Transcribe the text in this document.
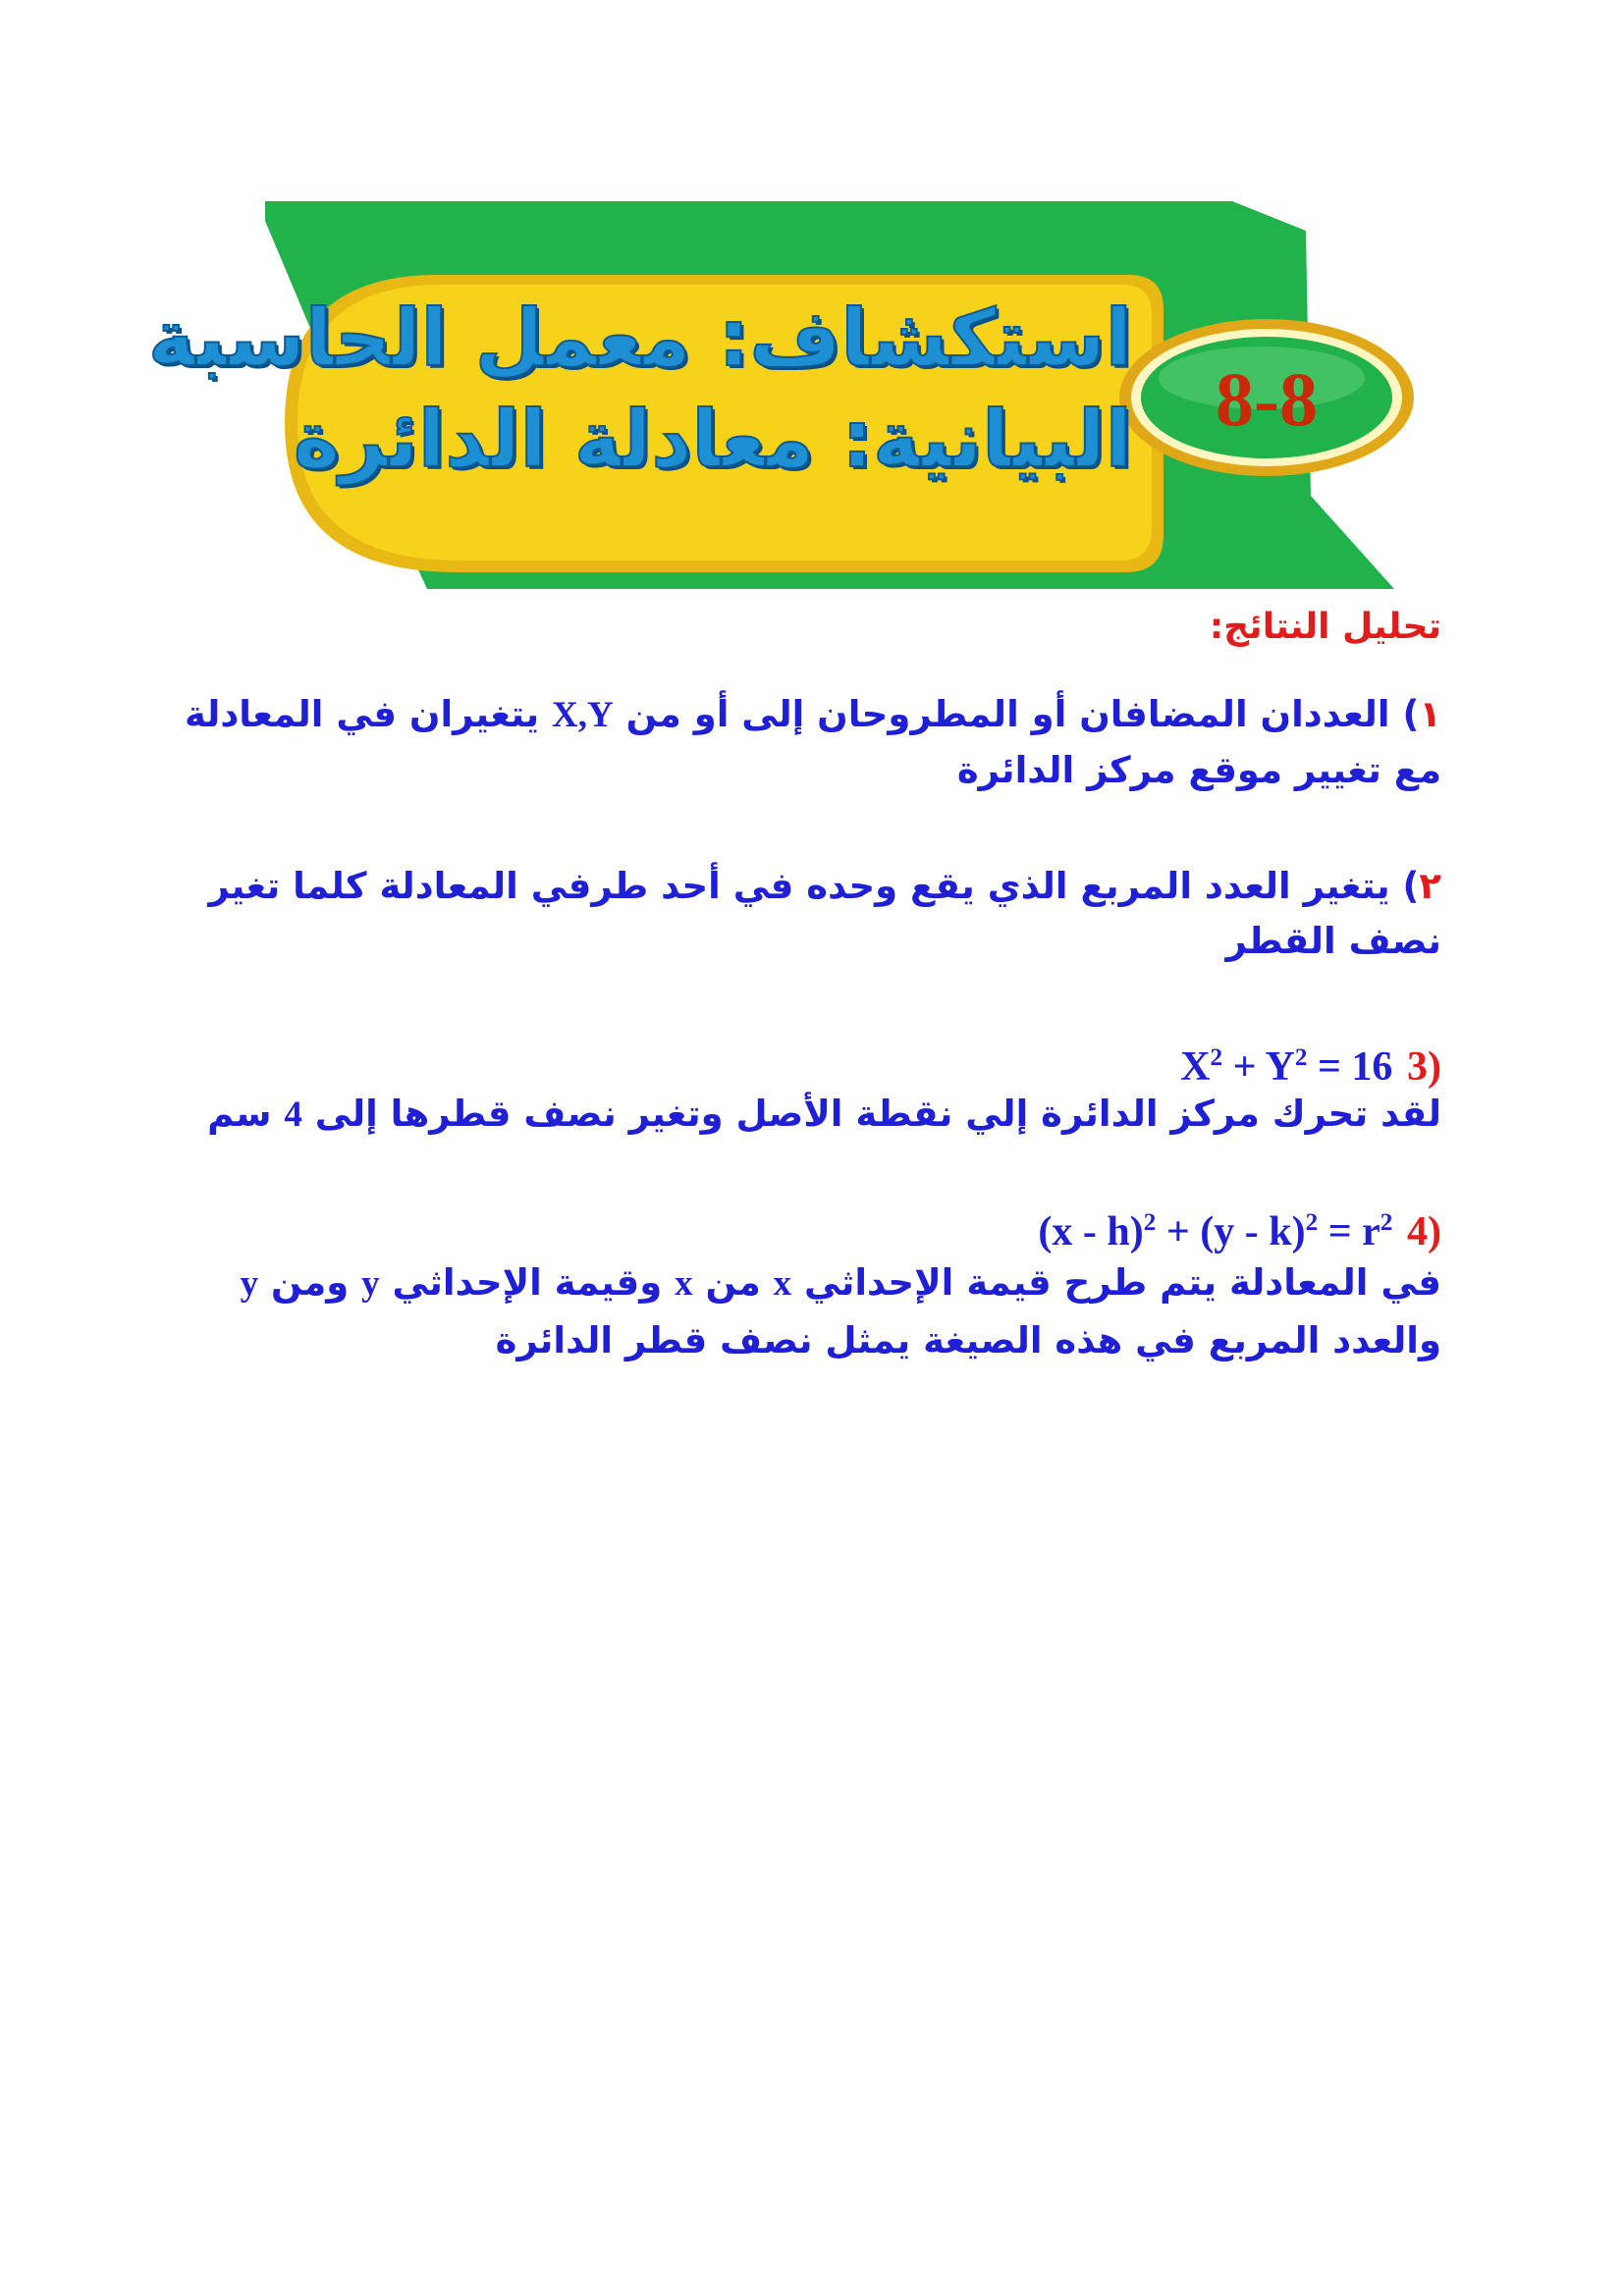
استكشاف: معمل الحاسبة
البيانية: معادلة الدائرة	8-8
تحليل النتائج:
١) العددان المضافان أو المطروحان إلى أو من X,Y يتغيران في المعادلة مع تغيير موقع مركز الدائرة
٢) يتغير العدد المربع الذي يقع وحده في أحد طرفي المعادلة كلما تغير نصف القطر
(3 $X^2 + Y^2 = 16$
لقد تحرك مركز الدائرة إلي نقطة الأصل وتغير نصف قطرها إلى 4 سم
(4 $(x - h)^2 + (y - k)^2 = r^2$
في المعادلة يتم طرح قيمة الإحداثي x من x وقيمة الإحداثي y ومن y والعدد المربع في هذه الصيغة يمثل نصف قطر الدائرة
